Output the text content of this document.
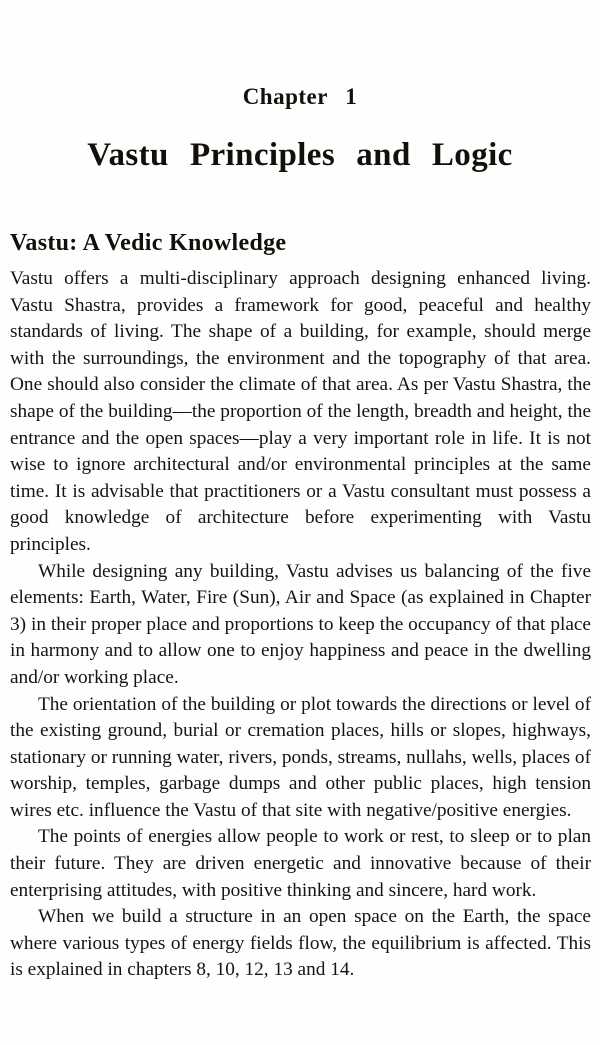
Chapter 1
Vastu Principles and Logic
Vastu: A Vedic Knowledge

Vastu offers a multi-disciplinary approach designing enhanced living. Vastu Shastra, provides a framework for good, peaceful and healthy standards of living. The shape of a building, for example, should merge with the surroundings, the environment and the topography of that area. One should also consider the climate of that area. As per Vastu Shastra, the shape of the building—the proportion of the length, breadth and height, the entrance and the open spaces—play a very important role in life. It is not wise to ignore architectural and/or environmental principles at the same time. It is advisable that practitioners or a Vastu consultant must possess a good knowledge of architecture before experimenting with Vastu principles.

While designing any building, Vastu advises us balancing of the five elements: Earth, Water, Fire (Sun), Air and Space (as explained in Chapter 3) in their proper place and proportions to keep the occupancy of that place in harmony and to allow one to enjoy happiness and peace in the dwelling and/or working place.

The orientation of the building or plot towards the directions or level of the existing ground, burial or cremation places, hills or slopes, highways, stationary or running water, rivers, ponds, streams, nullahs, wells, places of worship, temples, garbage dumps and other public places, high tension wires etc. influence the Vastu of that site with negative/positive energies.

The points of energies allow people to work or rest, to sleep or to plan their future. They are driven energetic and innovative because of their enterprising attitudes, with positive thinking and sincere, hard work.

When we build a structure in an open space on the Earth, the space where various types of energy fields flow, the equilibrium is affected. This is explained in chapters 8, 10, 12, 13 and 14.
